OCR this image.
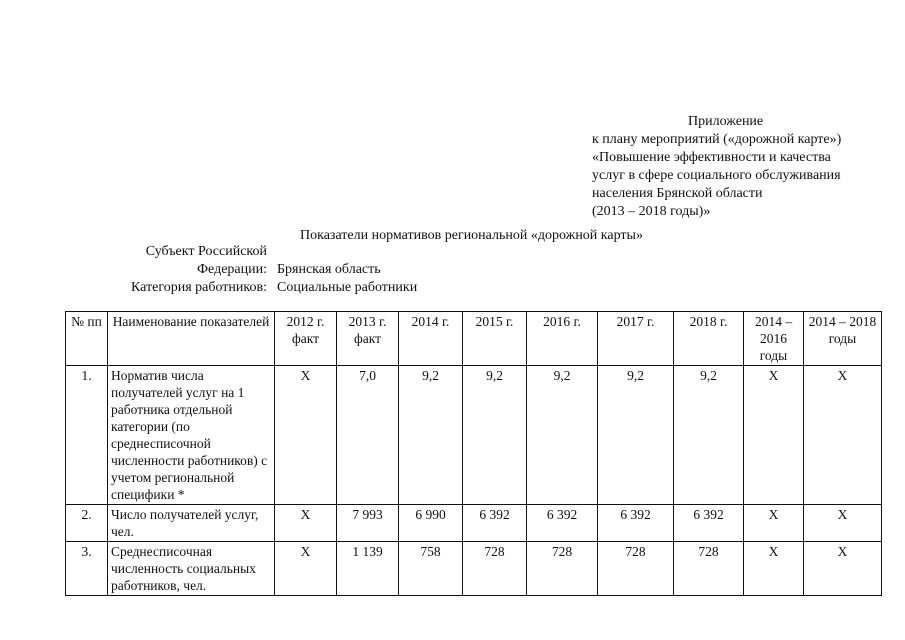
Приложение
к плану мероприятий («дорожной карте»)
«Повышение эффективности и качества
услуг в сфере социального обслуживания
населения Брянской области
(2013 – 2018 годы)»
Показатели нормативов региональной «дорожной карты»
Субъект Российской
Федерации: Брянская область
Категория работников: Социальные работники
№ пп	Наименование показателей	2012 г. факт	2013 г. факт	2014 г.	2015 г.	2016 г.	2017 г.	2018 г.	2014 – 2016 годы	2014 – 2018 годы
1.	Норматив числа получателей услуг на 1 работника отдельной категории (по среднесписочной численности работников) с учетом региональной специфики *	Х	7,0	9,2	9,2	9,2	9,2	9,2	Х	Х
2.	Число получателей услуг, чел.	Х	7 993	6 990	6 392	6 392	6 392	6 392	Х	Х
3.	Среднесписочная численность социальных работников, чел.	Х	1 139	758	728	728	728	728	Х	Х
